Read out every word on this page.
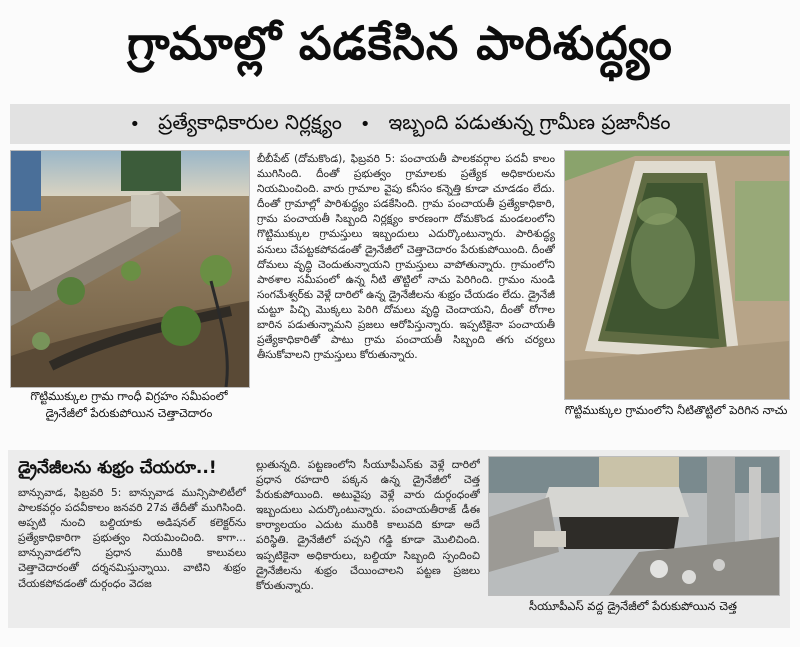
గ్రామాల్లో పడకేసిన పారిశుద్ధ్యం
• ప్రత్యేకాధికారుల నిర్లక్ష్యం • ఇబ్బంది పడుతున్న గ్రామీణ ప్రజానీకం
గొట్టిముక్కుల గ్రామ గాంధీ విగ్రహం సమీపంలో డ్రైనేజీలో పేరుకుపోయిన చెత్తాచెదారం
బీబీపేట్ (దోమకొండ), ఫిబ్రవరి 5: పంచాయతీ పాలకవర్గాల పదవీ కాలం ముగిసింది. దీంతో ప్రభుత్వం గ్రామాలకు ప్రత్యేక అధికారులను నియమించింది. వారు గ్రామాల వైపు కనీసం కన్నెత్తి కూడా చూడడం లేదు. దీంతో గ్రామాల్లో పారిశుద్ధ్యం పడకేసింది. గ్రామ పంచాయతీ ప్రత్యేకాధికారి, గ్రామ పంచాయతీ సిబ్బంది నిర్లక్ష్యం కారణంగా దోమకొండ మండలంలోని గొట్టిముక్కుల గ్రామస్తులు ఇబ్బందులు ఎదుర్కొంటున్నారు. పారిశుద్ధ్య పనులు చేపట్టకపోవడంతో డ్రైనేజీలో చెత్తాచెదారం పేరుకుపోయింది. దీంతో దోమలు వృద్ధి చెందుతున్నాయని గ్రామస్తులు వాపోతున్నారు. గ్రామంలోని పాఠశాల సమీపంలో ఉన్న నీటి తొట్టిలో నాచు పెరిగింది. గ్రామం నుండి సంగమేశ్వర్‌కు వెళ్లే దారిలో ఉన్న డ్రైనేజీలను శుభ్రం చేయడం లేదు. డ్రైనేజీ చుట్టూ పిచ్చి మొక్కలు పెరిగి దోమలు వృద్ధి చెందాయని, దీంతో రోగాల బారిన పడుతున్నామని ప్రజలు ఆరోపిస్తున్నారు. ఇప్పటికైనా పంచాయతీ ప్రత్యేకాధికారితో పాటు గ్రామ పంచాయతీ సిబ్బంది తగు చర్యలు తీసుకోవాలని గ్రామస్తులు కోరుతున్నారు.
గొట్టిముక్కుల గ్రామంలోని నీటితొట్టిలో పెరిగిన నాచు
డ్రైనేజీలను శుభ్రం చేయరూ..!
బాన్సువాడ, ఫిబ్రవరి 5: బాన్సువాడ మున్సిపాలిటీలో పాలకవర్గం పదవీకాలం జనవరి 27వ తేదీతో ముగిసింది. అప్పటి నుంచి బల్దియాకు అడిషనల్ కలెక్టర్‌ను ప్రత్యేకాధికారిగా ప్రభుత్వం నియమించింది. కాగా... బాన్సువాడలోని ప్రధాన మురికి కాలువలు చెత్తాచెదారంతో దర్శనమిస్తున్నాయి. వాటిని శుభ్రం చేయకపోవడంతో దుర్గంధం వెదజ
ల్లుతున్నది. పట్టణంలోని సీయూపీఎస్‌కు వెళ్లే దారిలో ప్రధాన రహదారి పక్కన ఉన్న డ్రైనేజీలో చెత్త పేరుకుపోయింది. అటువైపు వెళ్లే వారు దుర్గంధంతో ఇబ్బందులు ఎదుర్కొంటున్నారు. పంచాయతీరాజ్ డీఈ కార్యాలయం ఎదుట మురికి కాలువది కూడా అదే పరిస్థితి. డ్రైనేజీలో పచ్చని గడ్డి కూడా మొలిచింది. ఇప్పటికైనా అధికారులు, బల్దియా సిబ్బంది స్పందించి డ్రైనేజీలను శుభ్రం చేయించాలని పట్టణ ప్రజలు కోరుతున్నారు.
సీయూపీఎస్ వద్ద డ్రైనేజీలో పేరుకుపోయిన చెత్త
